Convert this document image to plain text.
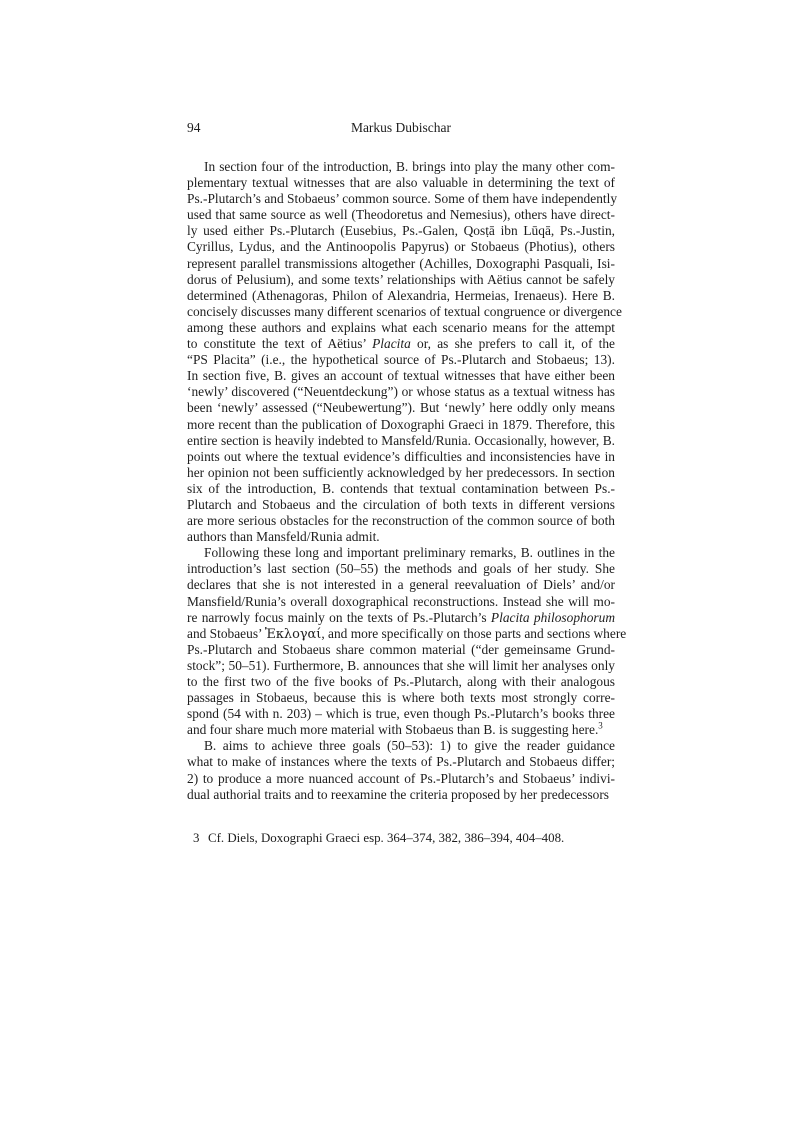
94	Markus Dubischar
In section four of the introduction, B. brings into play the many other com-
plementary textual witnesses that are also valuable in determining the text of
Ps.-Plutarch’s and Stobaeus’ common source. Some of them have independently
used that same source as well (Theodoretus and Nemesius), others have direct-
ly used either Ps.-Plutarch (Eusebius, Ps.-Galen, Qosṭā ibn Lūqā, Ps.-Justin,
Cyrillus, Lydus, and the Antinoopolis Papyrus) or Stobaeus (Photius), others
represent parallel transmissions altogether (Achilles, Doxographi Pasquali, Isi-
dorus of Pelusium), and some texts’ relationships with Aëtius cannot be safely
determined (Athenagoras, Philon of Alexandria, Hermeias, Irenaeus). Here B.
concisely discusses many different scenarios of textual congruence or divergence
among these authors and explains what each scenario means for the attempt
to constitute the text of Aëtius’ Placita or, as she prefers to call it, of the
“PS Placita” (i.e., the hypothetical source of Ps.-Plutarch and Stobaeus; 13).
In section five, B. gives an account of textual witnesses that have either been
‘newly’ discovered (“Neuentdeckung”) or whose status as a textual witness has
been ‘newly’ assessed (“Neubewertung”). But ‘newly’ here oddly only means
more recent than the publication of Doxographi Graeci in 1879. Therefore, this
entire section is heavily indebted to Mansfeld/Runia. Occasionally, however, B.
points out where the textual evidence’s difficulties and inconsistencies have in
her opinion not been sufficiently acknowledged by her predecessors. In section
six of the introduction, B. contends that textual contamination between Ps.-
Plutarch and Stobaeus and the circulation of both texts in different versions
are more serious obstacles for the reconstruction of the common source of both
authors than Mansfeld/Runia admit.
Following these long and important preliminary remarks, B. outlines in the
introduction’s last section (50–55) the methods and goals of her study. She
declares that she is not interested in a general reevaluation of Diels’ and/or
Mansfield/Runia’s overall doxographical reconstructions. Instead she will mo-
re narrowly focus mainly on the texts of Ps.-Plutarch’s Placita philosophorum
and Stobaeus’ Ἐκλογαί, and more specifically on those parts and sections where
Ps.-Plutarch and Stobaeus share common material (“der gemeinsame Grund-
stock”; 50–51). Furthermore, B. announces that she will limit her analyses only
to the first two of the five books of Ps.-Plutarch, along with their analogous
passages in Stobaeus, because this is where both texts most strongly corre-
spond (54 with n. 203) – which is true, even though Ps.-Plutarch’s books three
and four share much more material with Stobaeus than B. is suggesting here.$^3$
B. aims to achieve three goals (50–53): 1) to give the reader guidance
what to make of instances where the texts of Ps.-Plutarch and Stobaeus differ;
2) to produce a more nuanced account of Ps.-Plutarch’s and Stobaeus’ indivi-
dual authorial traits and to reexamine the criteria proposed by her predecessors
3 Cf. Diels, Doxographi Graeci esp. 364–374, 382, 386–394, 404–408.
